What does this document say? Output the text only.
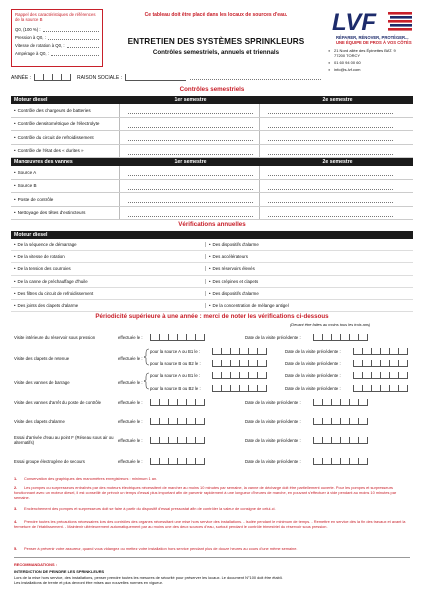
Rappel des caractéristiques de références de la source B
Q0, (100 %) :
Pression à Q0, :
Vitesse de rotation à Q0, :
Ampérage à Q0, :
Ce tableau doit être placé dans les locaux de sources d'eau.
ENTRETIEN DES SYSTÈMES SPRINKLEURS
Contrôles semestriels, annuels et triennals
LVF
RÉPARER, RÉNOVER, PROTÉGER...
UNE ÉQUIPE DE PROS À VOS CÔTÉS
● 21 Nord allée des Épinettes BAT. 9
77200 TORCY
● 01 60 94 00 60
● info@s-lvf.com
ANNÉE :	RAISON SOCIALE :
Contrôles semestriels
Moteur diesel	1er semestre	2e semestre
• Contrôle des chargeurs de batteries
• Contrôle densitométrique de l'électrolyte
• Contrôle du circuit de refroidissement
• Contrôle de l'état des « durites »
Manœuvres des vannes	1er semestre	2e semestre
• Source A
• Source B
• Poste de contrôle
• Nettoyage des têtes d'extincteurs
Vérifications annuelles
Moteur diesel
• De la séquence de démarrage	• Des dispositifs d'alarme
• De la vitesse de rotation	• Des accélérateurs
• De la tension des courroies	• Des réservoirs élevés
• De la canne de préchauffage d'huile	• Des crépines et clapets
• Des filtres du circuit de refroidissement	• Des dispositifs d'alarme
• Des joints des clapets d'alarme	• De la concentration de mélange antigel
Périodicité supérieure à une année : merci de noter les vérifications ci-dessous
(Devant être faites au moins tous les trois ans)
Visite intérieure du réservoir sous pression	effectuée le :	Date de la visite précédente :
Visite des clapets de retenue	effectuée le :
pour la source A ou B1 le :	Date de la visite précédente :
pour la source B ou B2 le :	Date de la visite précédente :
Visite des vannes de barrage	effectuée le :
pour la source A ou B1 le :	Date de la visite précédente :
pour la source B ou B2 le :	Date de la visite précédente :
Visite des vannes d'arrêt du poste de contrôle	effectuée le :	Date de la visite précédente :
Visite des clapets d'alarme	effectuée le :	Date de la visite précédente :
Essai d'arrivée d'eau au point F (Réseau sous air ou alternatifs)	effectuée le :	Date de la visite précédente :
Essai groupe électrogène de secours	effectuée le :	Date de la visite précédente :
1. Conservation des graphiques des manomètres enregistreurs : minimum 1 an.
2. Les pompes ou surpresseurs entraînés par des moteurs électriques nécessitent de marcher au moins 10 minutes par semaine, la vanne de décharge doit être partiellement ouverte. Pour les pompes et surpresseurs fonctionnant avec un moteur diesel, il est conseillé de prévoir un temps d'essai plus important afin de parvenir rapidement à une longueur d'heures de marche, en pouvant s'effectuer à vide pendant au moins 10 minutes par semaine.
3. Enclenchement des pompes et surpresseurs doit se faire à partir du dispositif d'essai pressostat afin de contrôler la valeur de consigne de celui-ci.
4. Prendre toutes les précautions nécessaires lors des contrôles des organes nécessitant une mise hors service des installations. - Isolée pendant le minimum de temps. - Remettre en service dès la fin des travaux et avant la fermeture de l'établissement. - Maintenir ultérieurement automatiquement par au moins une des deux sources d'eau, surtout pendant le contrôle trimestriel du réservoir sous pression.
5. Penser à prévenir votre assureur, quand vous vidangez ou mettez votre installation hors service pendant plus de douze heures au cours d'une même semaine.
RECOMMANDATIONS :
INTERDICTION DE PEINDRE LES SPRINKLEURS
Lors de la mise hors service, des installations, penser prendre toutes les mesures de sécurité pour préserver les locaux. Le document N°100 doit être établi.
Les installations de trente et plus devront être mises aux nouvelles normes en vigueur.
